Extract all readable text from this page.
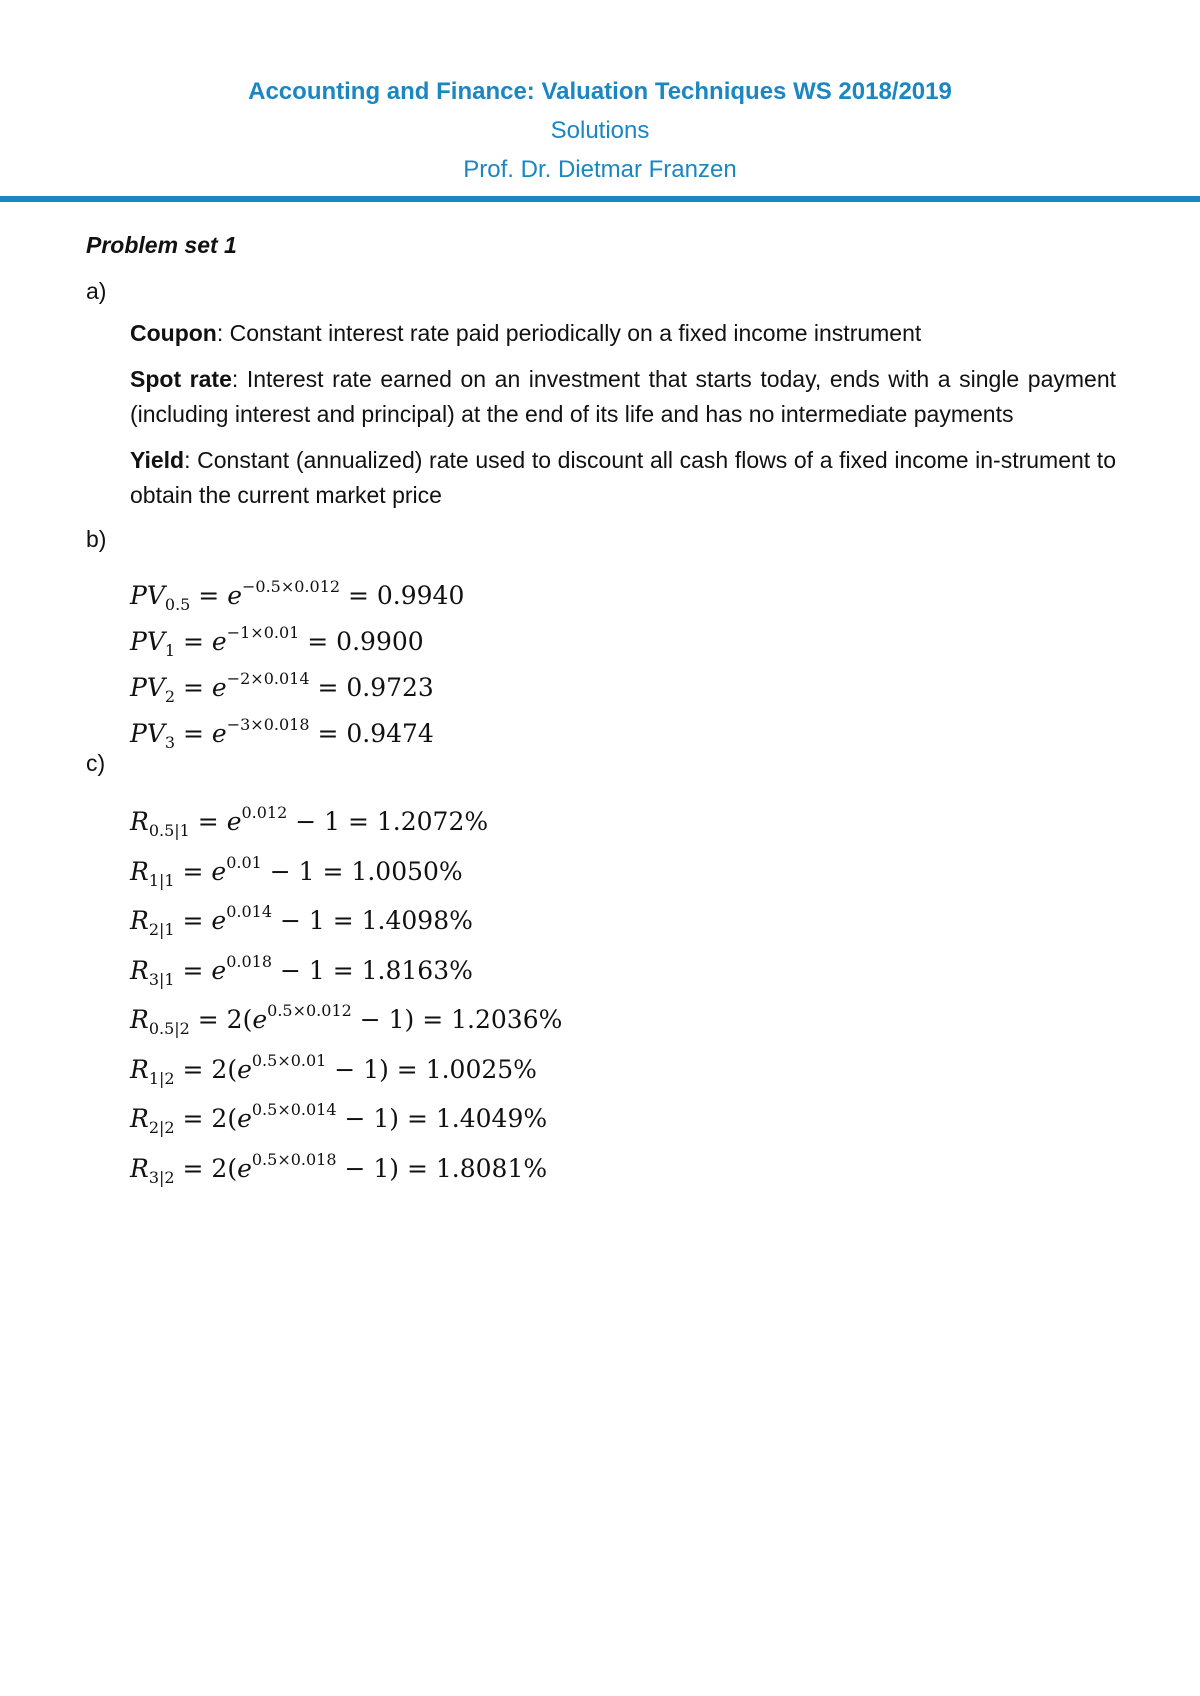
Accounting and Finance: Valuation Techniques WS 2018/2019
Solutions
Prof. Dr. Dietmar Franzen
Problem set 1
a)
Coupon: Constant interest rate paid periodically on a fixed income instrument
Spot rate: Interest rate earned on an investment that starts today, ends with a single payment (including interest and principal) at the end of its life and has no intermediate payments
Yield: Constant (annualized) rate used to discount all cash flows of a fixed income in-strument to obtain the current market price
b)
$PV_{0.5} = e^{-0.5\times 0.012} = 0.9940$
$PV_1 = e^{-1\times 0.01} = 0.9900$
$PV_2 = e^{-2\times 0.014} = 0.9723$
$PV_3 = e^{-3\times 0.018} = 0.9474$
c)
$R_{0.5|1} = e^{0.012} - 1 = 1.2072\%$
$R_{1|1} = e^{0.01} - 1 = 1.0050\%$
$R_{2|1} = e^{0.014} - 1 = 1.4098\%$
$R_{3|1} = e^{0.018} - 1 = 1.8163\%$
$R_{0.5|2} = 2(e^{0.5\times 0.012} - 1) = 1.2036\%$
$R_{1|2} = 2(e^{0.5\times 0.01} - 1) = 1.0025\%$
$R_{2|2} = 2(e^{0.5\times 0.014} - 1) = 1.4049\%$
$R_{3|2} = 2(e^{0.5\times 0.018} - 1) = 1.8081\%$
